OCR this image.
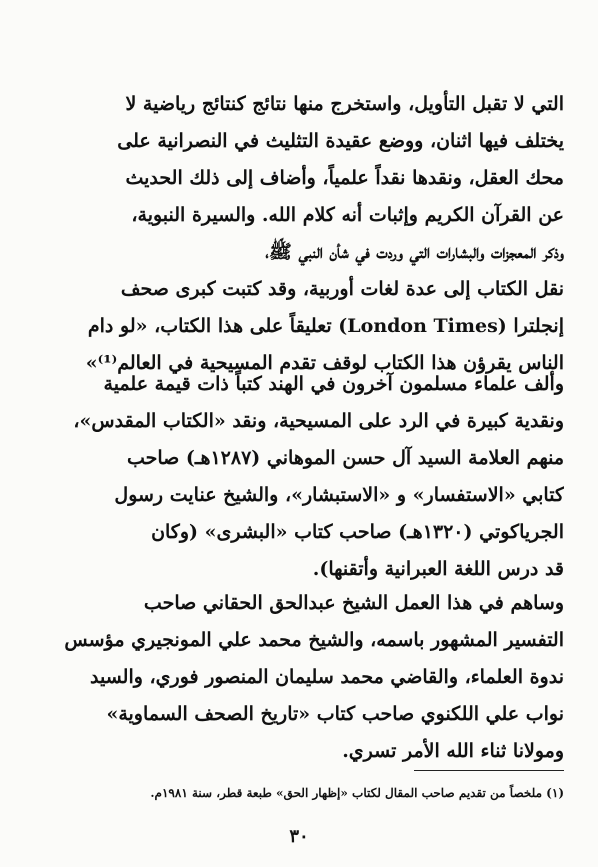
التي لا تقبل التأويل، واستخرج منها نتائج كنتائج رياضية لا
يختلف فيها اثنان، ووضع عقيدة التثليث في النصرانية على
محك العقل، ونقدها نقداً علمياً، وأضاف إلى ذلك الحديث
عن القرآن الكريم وإثبات أنه كلام الله. والسيرة النبوية،
وذكر المعجزات والبشارات التي وردت في شأن النبي ﷺ،
نقل الكتاب إلى عدة لغات أوربية، وقد كتبت كبرى صحف
إنجلترا (London Times) تعليقاً على هذا الكتاب، «لو دام
الناس يقرؤن هذا الكتاب لوقف تقدم المسيحية في العالم⁽¹⁾»
وألف علماء مسلمون آخرون في الهند كتباً ذات قيمة علمية
ونقدية كبيرة في الرد على المسيحية، ونقد «الكتاب المقدس»،
منهم العلامة السيد آل حسن الموهاني (١٢٨٧هـ) صاحب
كتابي «الاستفسار» و «الاستبشار»، والشيخ عنايت رسول
الجرياكوتي (١٣٢٠هـ) صاحب كتاب «البشرى» (وكان
قد درس اللغة العبرانية وأتقنها).
وساهم في هذا العمل الشيخ عبدالحق الحقاني صاحب
التفسير المشهور باسمه، والشيخ محمد علي المونجيري مؤسس
ندوة العلماء، والقاضي محمد سليمان المنصور فوري، والسيد
نواب علي اللكنوي صاحب كتاب «تاريخ الصحف السماوية»
ومولانا ثناء الله الأمر تسري.
(١) ملخصاً من تقديم صاحب المقال لكتاب «إظهار الحق» طبعة قطر، سنة ١٩٨١م.
٣٠
